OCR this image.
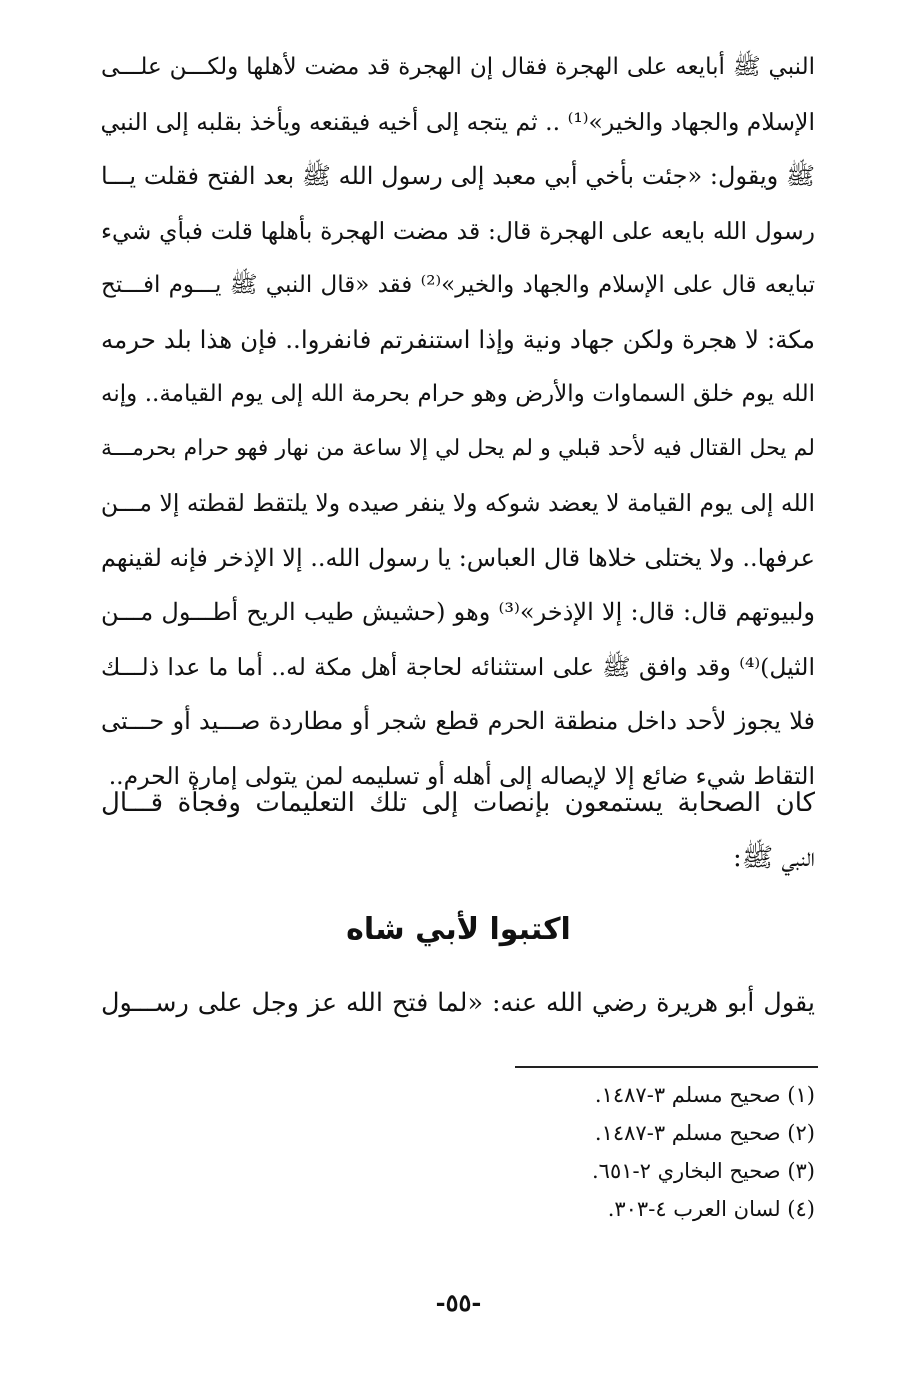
النبي ﷺ أبايعه على الهجرة فقال إن الهجرة قد مضت لأهلها ولكـــن علـــى
الإسلام والجهاد والخير»⁽¹⁾ .. ثم يتجه إلى أخيه فيقنعه ويأخذ بقلبه إلى النبي
ﷺ ويقول: «جئت بأخي أبي معبد إلى رسول الله ﷺ بعد الفتح فقلت يـــا
رسول الله بايعه على الهجرة قال: قد مضت الهجرة بأهلها قلت فبأي شيء
تبايعه قال على الإسلام والجهاد والخير»⁽²⁾ فقد «قال النبي ﷺ يـــوم افـــتح
مكة: لا هجرة ولكن جهاد ونية وإذا استنفرتم فانفروا.. فإن هذا بلد حرمه
الله يوم خلق السماوات والأرض وهو حرام بحرمة الله إلى يوم القيامة.. وإنه
لم يحل القتال فيه لأحد قبلي و لم يحل لي إلا ساعة من نهار فهو حرام بحرمـــة
الله إلى يوم القيامة لا يعضد شوكه ولا ينفر صيده ولا يلتقط لقطته إلا مـــن
عرفها.. ولا يختلى خلاها قال العباس: يا رسول الله.. إلا الإذخر فإنه لقينهم
ولبيوتهم قال: قال: إلا الإذخر»⁽³⁾ وهو (حشيش طيب الريح أطـــول مـــن
الثيل)⁽⁴⁾ وقد وافق ﷺ على استثنائه لحاجة أهل مكة له.. أما ما عدا ذلـــك
فلا يجوز لأحد داخل منطقة الحرم قطع شجر أو مطاردة صـــيد أو حـــتى
التقاط شيء ضائع إلا لإيصاله إلى أهله أو تسليمه لمن يتولى إمارة الحرم..
كان الصحابة يستمعون بإنصات إلى تلك التعليمات وفجأة قـــال
النبي ﷺ:
اكتبوا لأبي شاه
يقول أبو هريرة رضي الله عنه: «لما فتح الله عز وجل على رســـول
(١) صحيح مسلم ٣-١٤٨٧.
(٢) صحيح مسلم ٣-١٤٨٧.
(٣) صحيح البخاري ٢-٦٥١.
(٤) لسان العرب ٤-٣٠٣.
-٥٥-
